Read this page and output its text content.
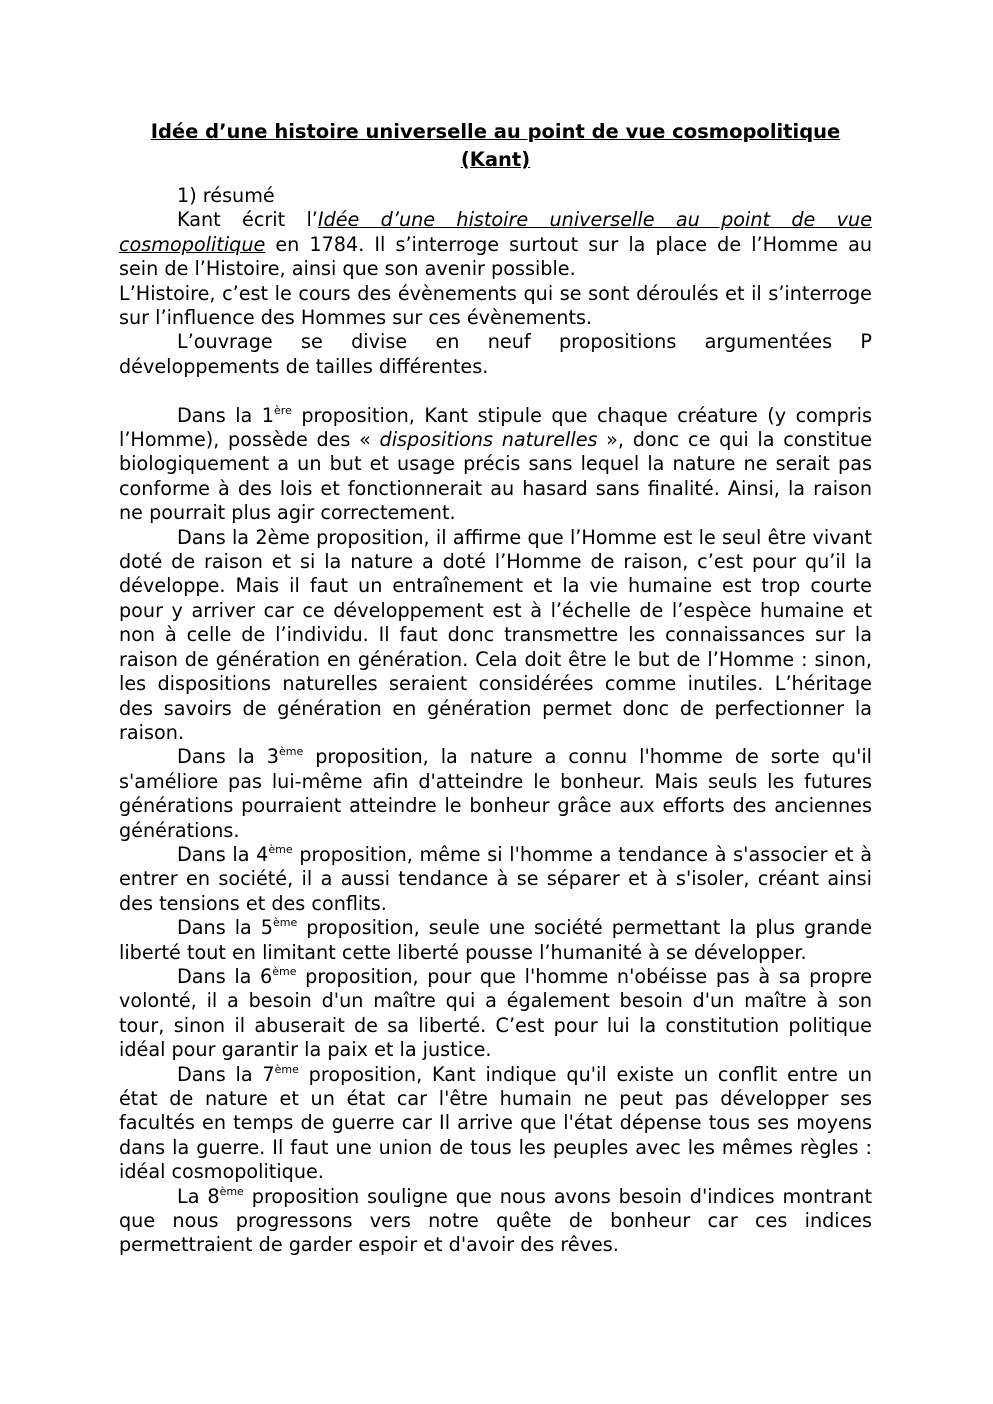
Idée d’une histoire universelle au point de vue cosmopolitique
(Kant)

1) résumé

Kant écrit l’Idée d’une histoire universelle au point de vue cosmopolitique en 1784. Il s’interroge surtout sur la place de l’Homme au sein de l’Histoire, ainsi que son avenir possible.

L’Histoire, c’est le cours des évènements qui se sont déroulés et il s’interroge sur l’influence des Hommes sur ces évènements.

L’ouvrage se divise en neuf propositions argumentées P développements de tailles différentes.

Dans la 1ère proposition, Kant stipule que chaque créature (y compris l’Homme), possède des « dispositions naturelles », donc ce qui la constitue biologiquement a un but et usage précis sans lequel la nature ne serait pas conforme à des lois et fonctionnerait au hasard sans finalité. Ainsi, la raison ne pourrait plus agir correctement.

Dans la 2ème proposition, il affirme que l’Homme est le seul être vivant doté de raison et si la nature a doté l’Homme de raison, c’est pour qu’il la développe. Mais il faut un entraînement et la vie humaine est trop courte pour y arriver car ce développement est à l’échelle de l’espèce humaine et non à celle de l’individu. Il faut donc transmettre les connaissances sur la raison de génération en génération. Cela doit être le but de l’Homme : sinon, les dispositions naturelles seraient considérées comme inutiles. L’héritage des savoirs de génération en génération permet donc de perfectionner la raison.

Dans la 3ème proposition, la nature a connu l'homme de sorte qu'il s'améliore pas lui-même afin d'atteindre le bonheur. Mais seuls les futures générations pourraient atteindre le bonheur grâce aux efforts des anciennes générations.

Dans la 4ème proposition, même si l'homme a tendance à s'associer et à entrer en société, il a aussi tendance à se séparer et à s'isoler, créant ainsi des tensions et des conflits.

Dans la 5ème proposition, seule une société permettant la plus grande liberté tout en limitant cette liberté pousse l’humanité à se développer.

Dans la 6ème proposition, pour que l'homme n'obéisse pas à sa propre volonté, il a besoin d'un maître qui a également besoin d'un maître à son tour, sinon il abuserait de sa liberté. C’est pour lui la constitution politique idéal pour garantir la paix et la justice.

Dans la 7ème proposition, Kant indique qu'il existe un conflit entre un état de nature et un état car l'être humain ne peut pas développer ses facultés en temps de guerre car Il arrive que l'état dépense tous ses moyens dans la guerre. Il faut une union de tous les peuples avec les mêmes règles : idéal cosmopolitique.

La 8ème proposition souligne que nous avons besoin d'indices montrant que nous progressons vers notre quête de bonheur car ces indices permettraient de garder espoir et d'avoir des rêves.
